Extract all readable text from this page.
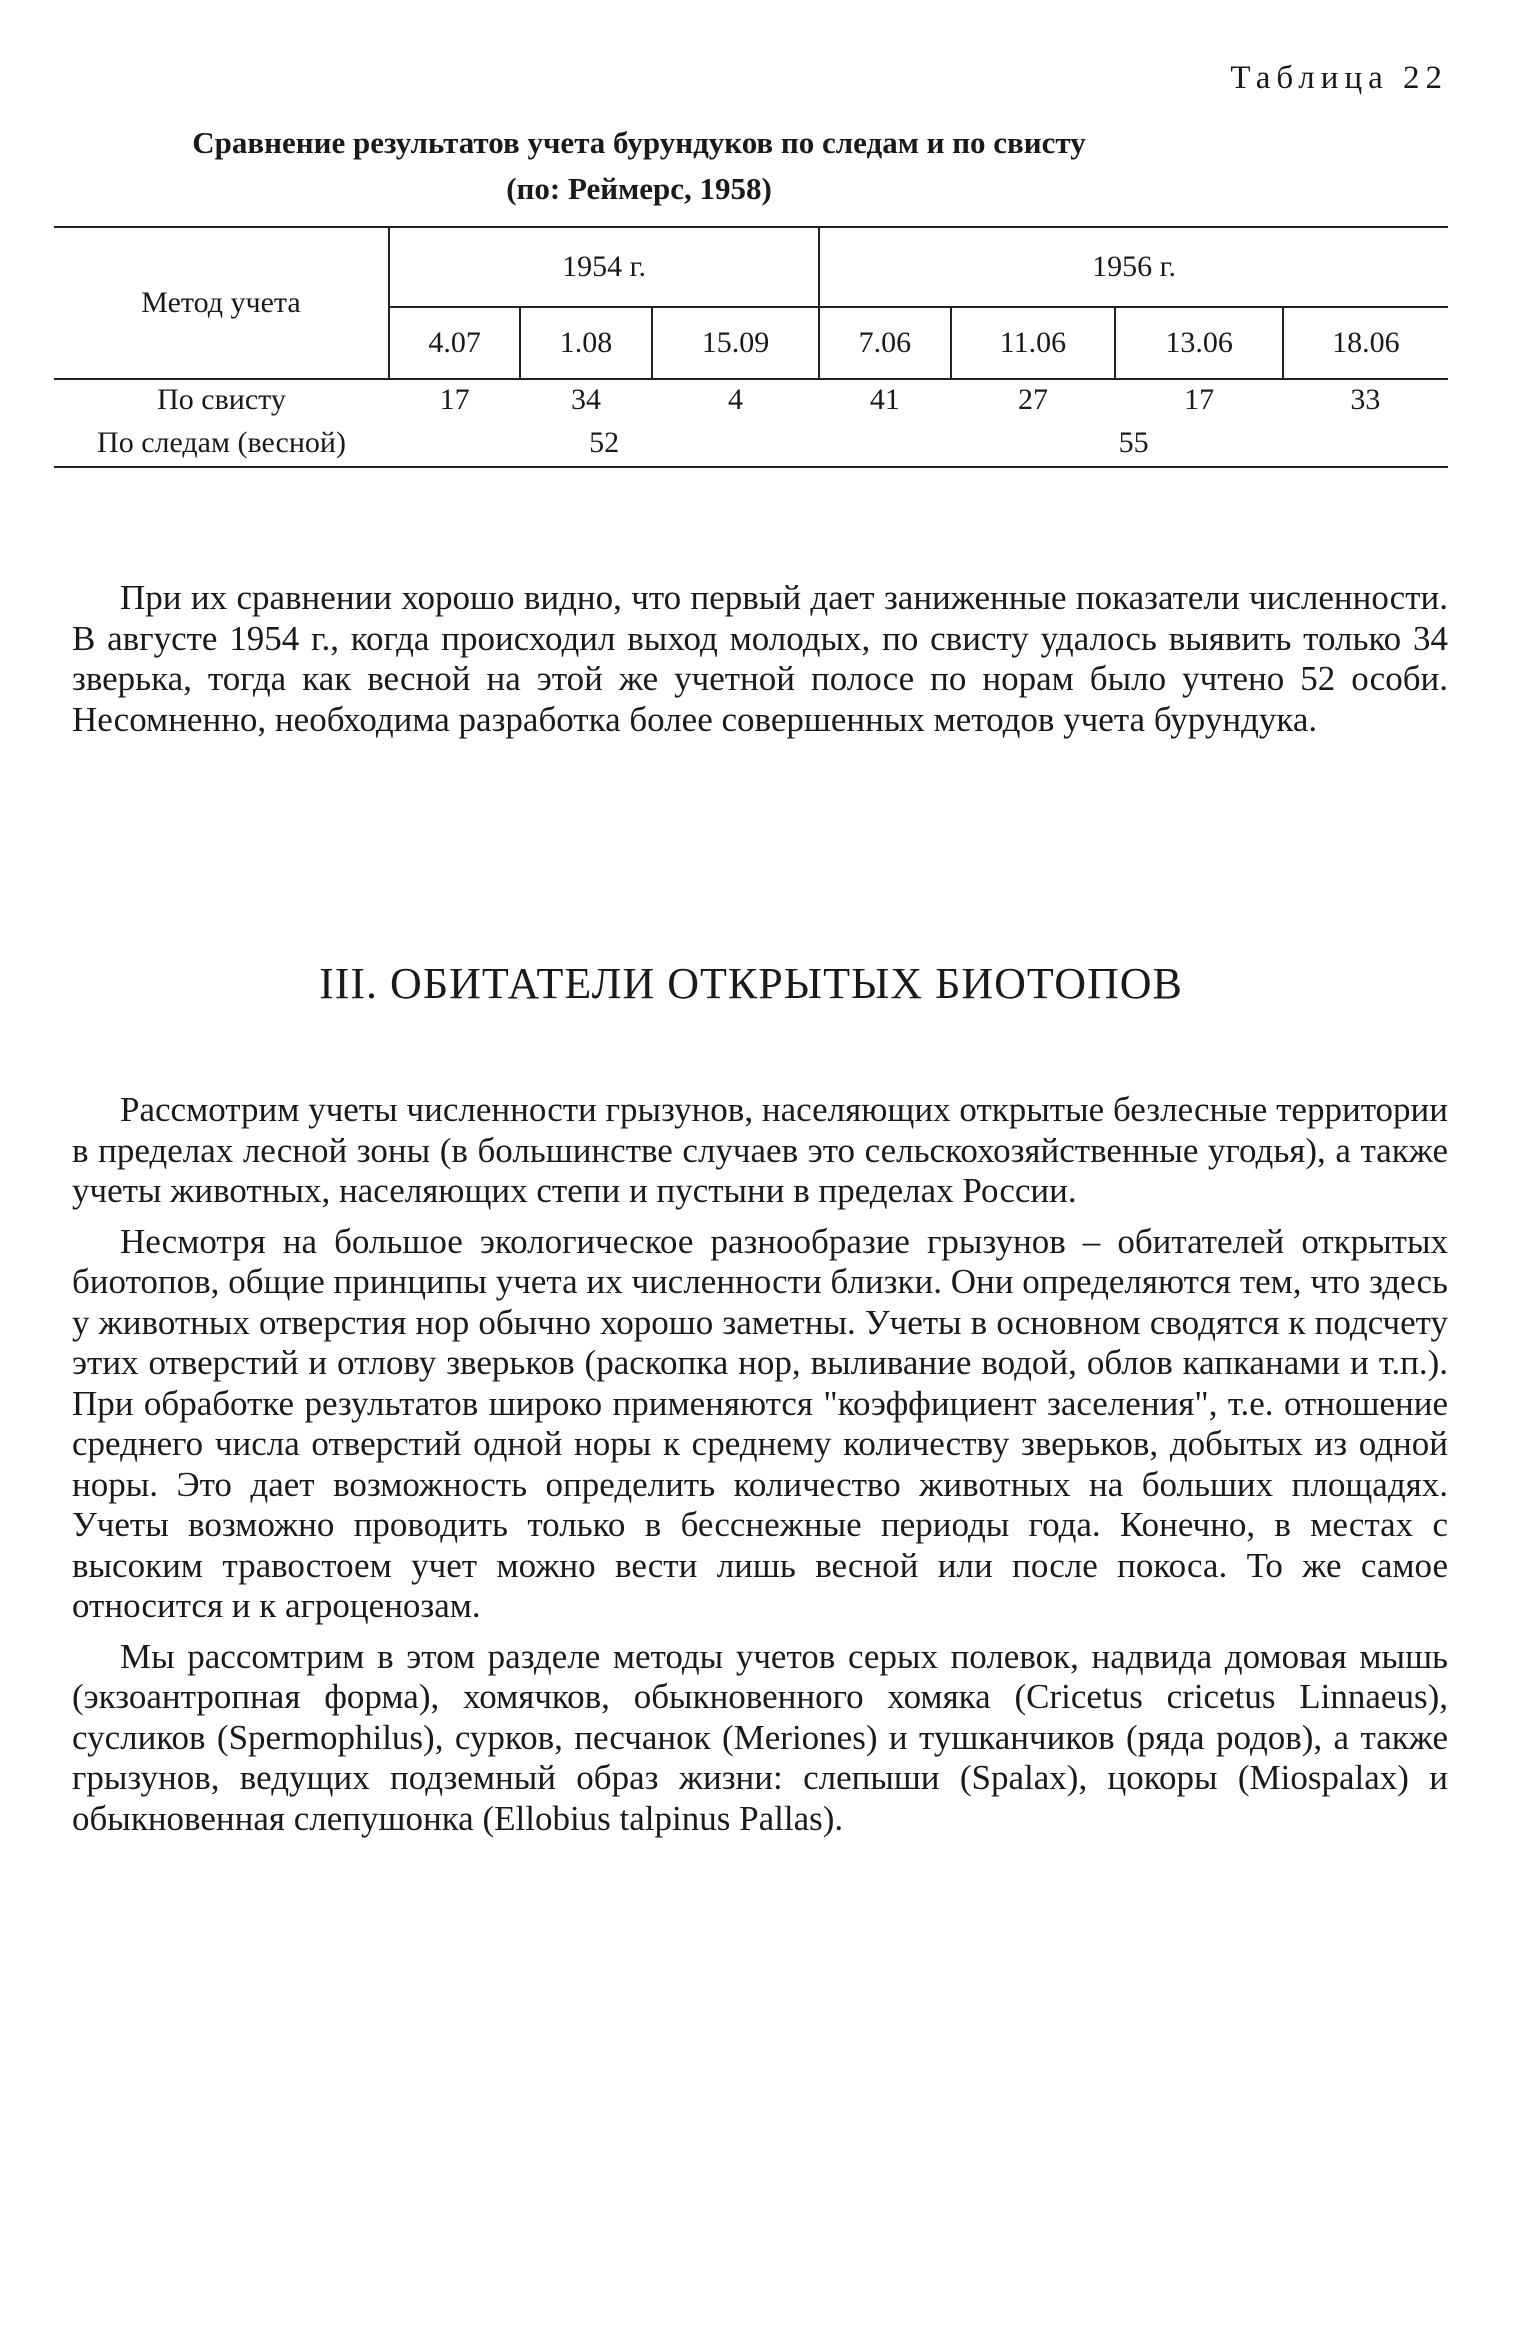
Таблица 22
Сравнение результатов учета бурундуков по следам и по свисту
(по: Реймерс, 1958)
Метод учета	1954 г.			1956 г.			
	4.07	1.08	15.09	7.06	11.06	13.06	18.06
По свисту	17	34	4	41	27	17	33
По следам (весной)	52			55			

При их сравнении хорошо видно, что первый дает заниженные показатели численности. В августе 1954 г., когда происходил выход молодых, по свисту удалось выявить только 34 зверька, тогда как весной на этой же учетной полосе по норам было учтено 52 особи. Несомненно, необходима разработка более совершенных методов учета бурундука.

III. ОБИТАТЕЛИ ОТКРЫТЫХ БИОТОПОВ

Рассмотрим учеты численности грызунов, населяющих открытые безлесные территории в пределах лесной зоны (в большинстве случаев это сельскохозяйственные угодья), а также учеты животных, населяющих степи и пустыни в пределах России.

Несмотря на большое экологическое разнообразие грызунов – обитателей открытых биотопов, общие принципы учета их численности близки. Они определяются тем, что здесь у животных отверстия нор обычно хорошо заметны. Учеты в основном сводятся к подсчету этих отверстий и отлову зверьков (раскопка нор, выливание водой, облов капканами и т.п.). При обработке результатов широко применяются "коэффициент заселения", т.е. отношение среднего числа отверстий одной норы к среднему количеству зверьков, добытых из одной норы. Это дает возможность определить количество животных на больших площадях. Учеты возможно проводить только в бесснежные периоды года. Конечно, в местах с высоким травостоем учет можно вести лишь весной или после покоса. То же самое относится и к агроценозам.

Мы рассомтрим в этом разделе методы учетов серых полевок, надвида домовая мышь (экзоантропная форма), хомячков, обыкновенного хомяка (Cricetus cricetus Linnaeus), сусликов (Spermophilus), сурков, песчанок (Meriones) и тушканчиков (ряда родов), а также грызунов, ведущих подземный образ жизни: слепыши (Spalax), цокоры (Miospalax) и обыкновенная слепушонка (Ellobius talpinus Pallas).
